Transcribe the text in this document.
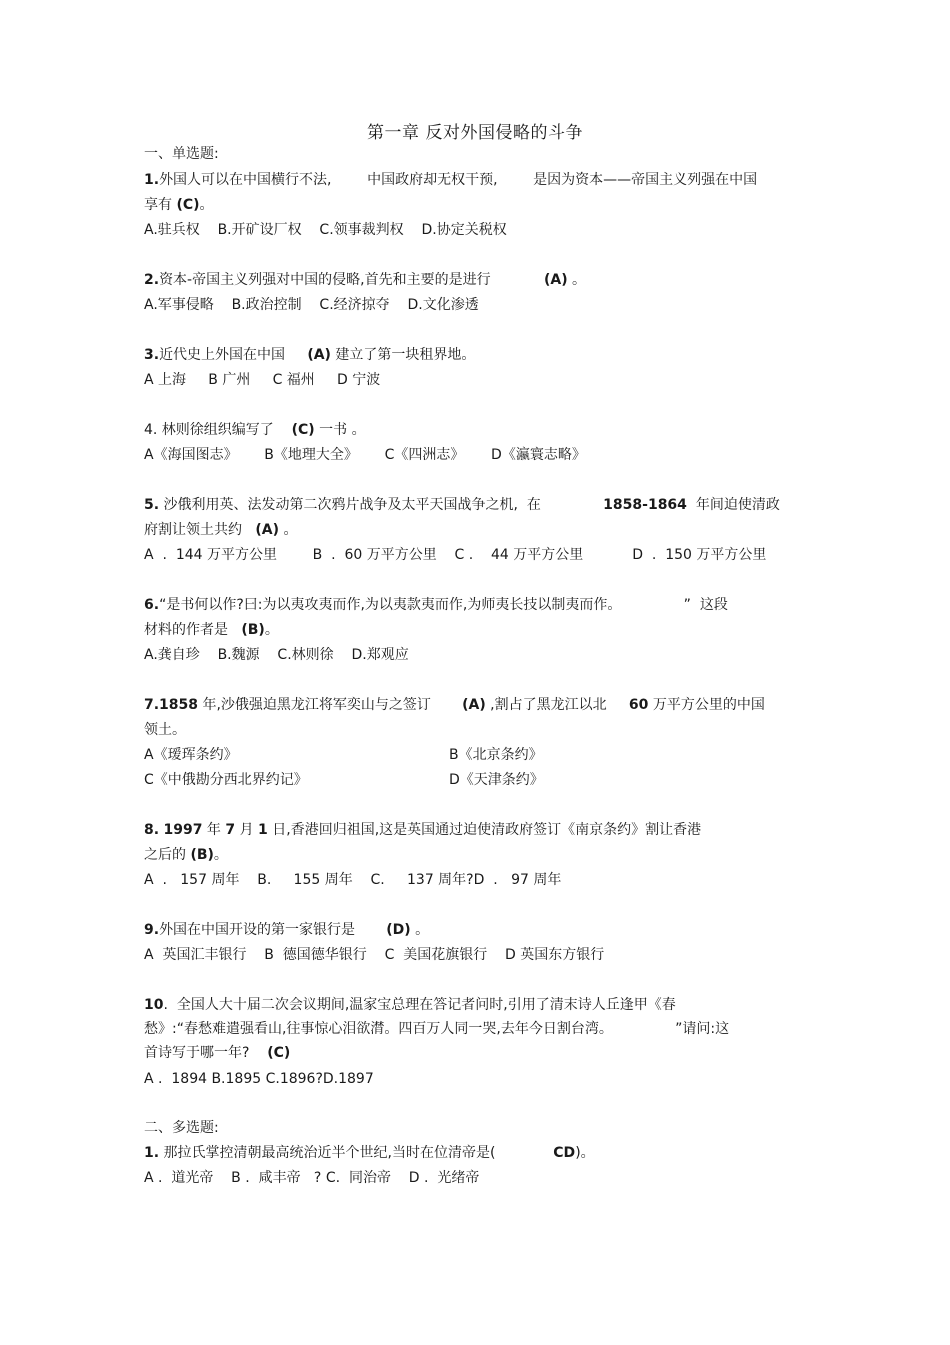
第一章 反对外国侵略的斗争
一、单选题:
1.外国人可以在中国横行不法,        中国政府却无权干预,        是因为资本——帝国主义列强在中国
享有 (C)。
A.驻兵权    B.开矿设厂权    C.领事裁判权    D.协定关税权
2.资本-帝国主义列强对中国的侵略,首先和主要的是进行            (A) 。
A.军事侵略    B.政治控制    C.经济掠夺    D.文化渗透
3.近代史上外国在中国     (A) 建立了第一块租界地。
A 上海     B 广州     C 福州     D 宁波
4. 林则徐组织编写了    (C) 一书 。
A《海国图志》      B《地理大全》      C《四洲志》      D《瀛寰志略》
5. 沙俄利用英、法发动第二次鸦片战争及太平天国战争之机,  在              1858-1864  年间迫使清政
府割让领土共约   (A) 。
A  .  144 万平方公里        B  .  60 万平方公里    C .    44 万平方公里           D  .  150 万平方公里
6.“是书何以作?曰:为以夷攻夷而作,为以夷款夷而作,为师夷长技以制夷而作。              ”  这段
材料的作者是   (B)。
A.龚自珍    B.魏源    C.林则徐    D.郑观应
7.1858 年,沙俄强迫黑龙江将军奕山与之签订       (A) ,割占了黑龙江以北     60 万平方公里的中国
领土。
A《瑷珲条约》	B《北京条约》
C《中俄勘分西北界约记》	D《天津条约》
8. 1997 年 7 月 1 日,香港回归祖国,这是英国通过迫使清政府签订《南京条约》割让香港
之后的 (B)。
A  .   157 周年    B.     155 周年    C.     137 周年?D  .   97 周年
9.外国在中国开设的第一家银行是       (D) 。
A  英国汇丰银行    B  德国德华银行    C  美国花旗银行    D 英国东方银行
10.  全国人大十届二次会议期间,温家宝总理在答记者问时,引用了清末诗人丘逢甲《春
愁》:“春愁难遣强看山,往事惊心泪欲潸。四百万人同一哭,去年今日割台湾。              ”请问:这
首诗写于哪一年?    (C)
A .  1894 B.1895 C.1896?D.1897
二、多选题:
1. 那拉氏掌控清朝最高统治近半个世纪,当时在位清帝是(             CD)。
A .  道光帝    B .  咸丰帝   ? C.  同治帝    D .  光绪帝
